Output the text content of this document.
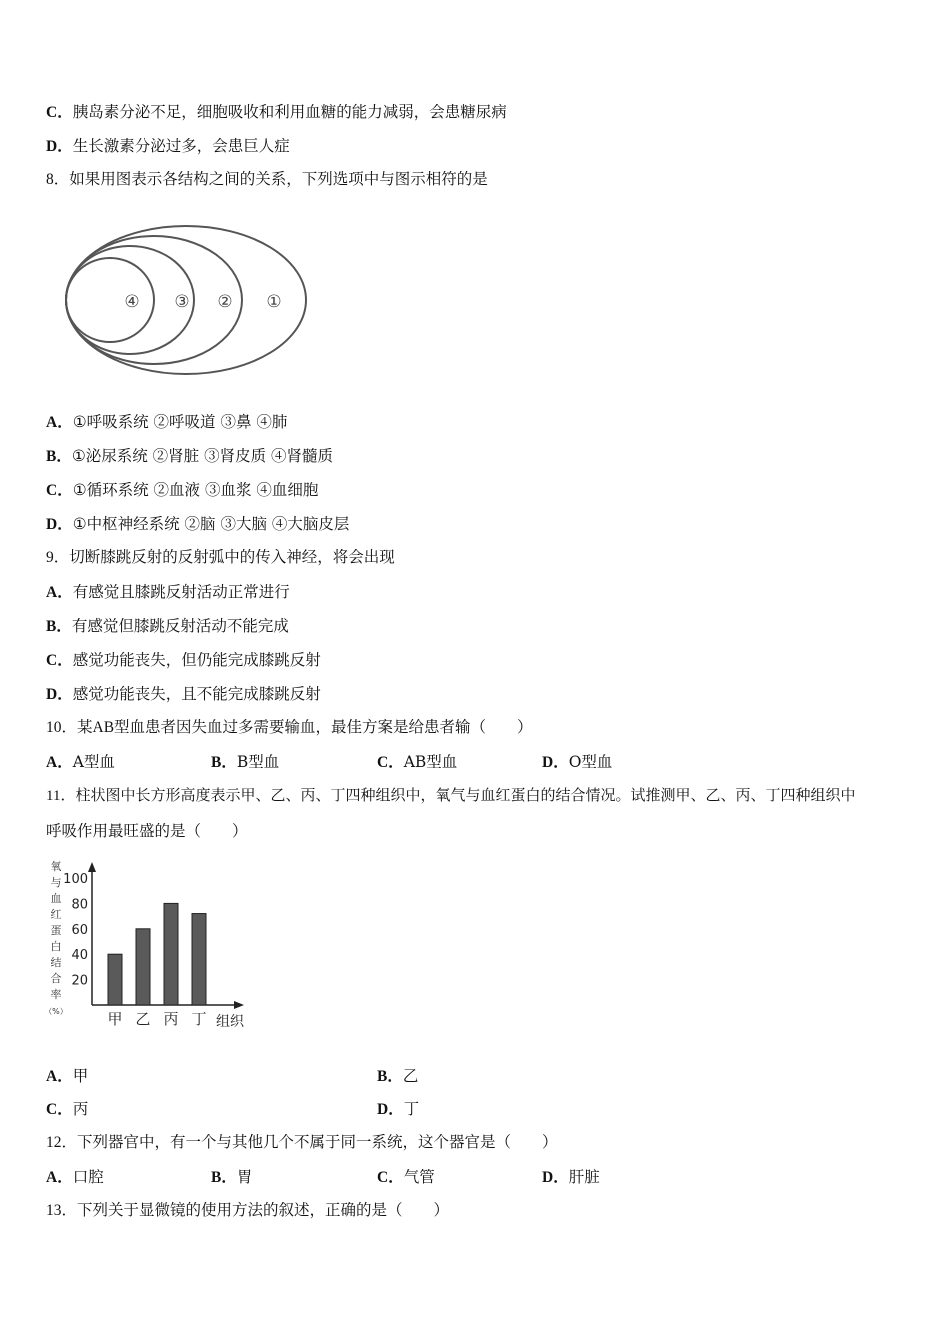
C．胰岛素分泌不足，细胞吸收和利用血糖的能力减弱，会患糖尿病
D．生长激素分泌过多，会患巨人症
8．如果用图表示各结构之间的关系，下列选项中与图示相符的是
④ ③ ② ①
A．①呼吸系统 ②呼吸道 ③鼻 ④肺
B．①泌尿系统 ②肾脏 ③肾皮质 ④肾髓质
C．①循环系统 ②血液 ③血浆 ④血细胞
D．①中枢神经系统 ②脑 ③大脑 ④大脑皮层
9．切断膝跳反射的反射弧中的传入神经，将会出现
A．有感觉且膝跳反射活动正常进行
B．有感觉但膝跳反射活动不能完成
C．感觉功能丧失，但仍能完成膝跳反射
D．感觉功能丧失，且不能完成膝跳反射
10．某AB型血患者因失血过多需要输血，最佳方案是给患者输（　　）
A．A型血	B．B型血	C．AB型血	D．O型血
11．柱状图中长方形高度表示甲、乙、丙、丁四种组织中，氧气与血红蛋白的结合情况。试推测甲、乙、丙、丁四种组织中
呼吸作用最旺盛的是（　　）
氧
与
血
红
蛋
白
结
合
率
（%）
20
40
60
80
100
甲 乙 丙 丁 组织
A．甲	B．乙
C．丙	D．丁
12．下列器官中，有一个与其他几个不属于同一系统，这个器官是（　　）
A．口腔	B．胃	C．气管	D．肝脏
13．下列关于显微镜的使用方法的叙述，正确的是（　　）
